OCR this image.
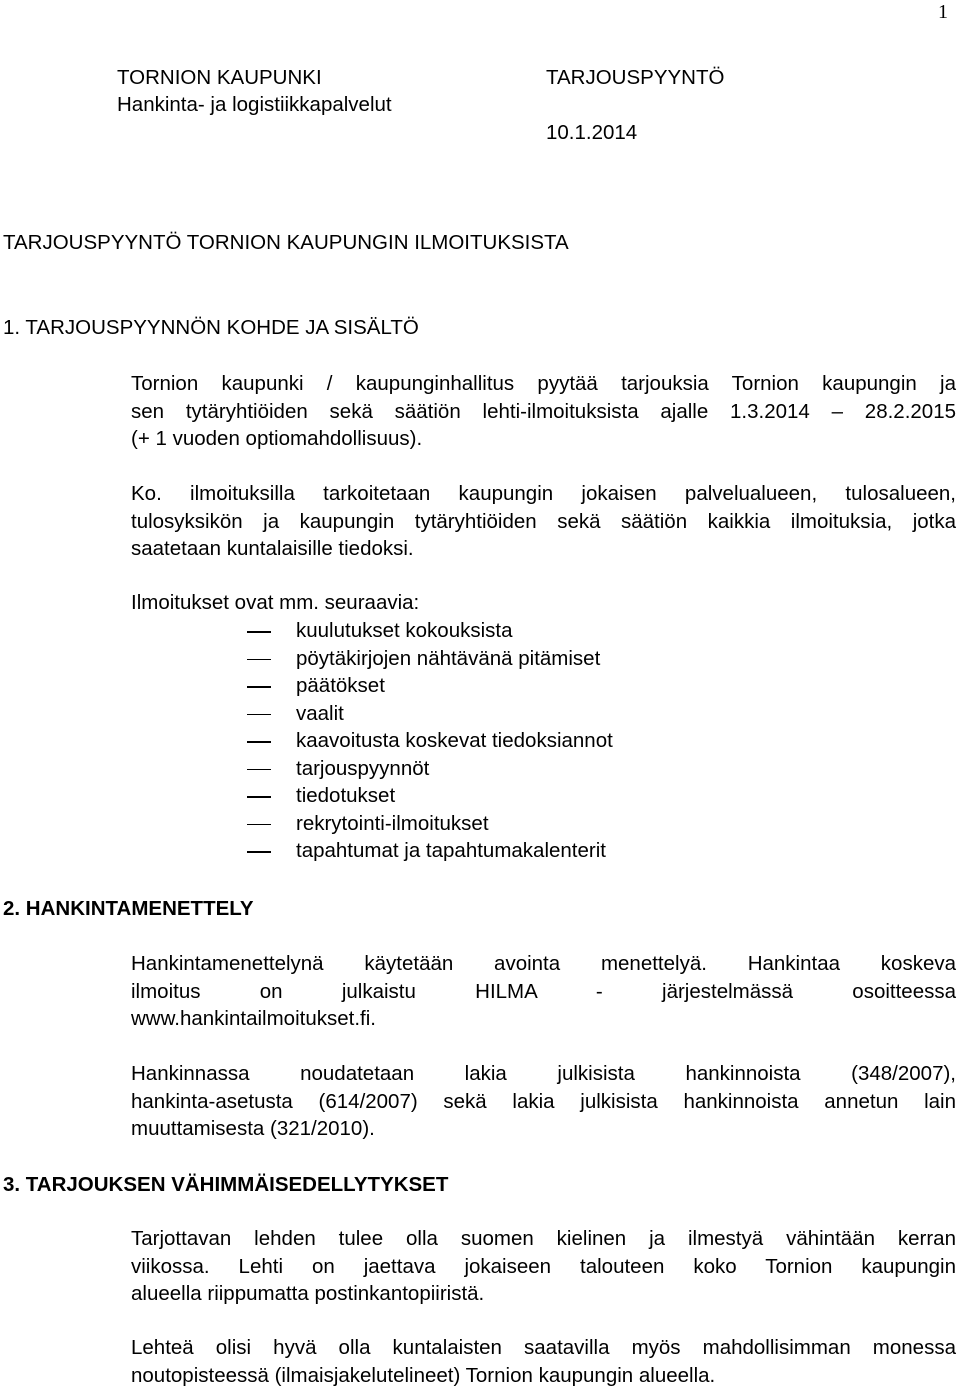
1
TORNION KAUPUNKI
Hankinta- ja logistiikkapalvelut
TARJOUSPYYNTÖ
10.1.2014
TARJOUSPYYNTÖ TORNION KAUPUNGIN ILMOITUKSISTA
1. TARJOUSPYYNNÖN KOHDE JA SISÄLTÖ
Tornion kaupunki / kaupunginhallitus pyytää tarjouksia Tornion kaupungin ja
sen tytäryhtiöiden sekä säätiön lehti-ilmoituksista ajalle 1.3.2014 – 28.2.2015
(+ 1 vuoden optiomahdollisuus).
Ko. ilmoituksilla tarkoitetaan kaupungin jokaisen palvelualueen, tulosalueen,
tulosyksikön ja kaupungin tytäryhtiöiden sekä säätiön kaikkia ilmoituksia, jotka
saatetaan kuntalaisille tiedoksi.
Ilmoitukset ovat mm. seuraavia:
kuulutukset kokouksista
pöytäkirjojen nähtävänä pitämiset
päätökset
vaalit
kaavoitusta koskevat tiedoksiannot
tarjouspyynnöt
tiedotukset
rekrytointi-ilmoitukset
tapahtumat ja tapahtumakalenterit
2. HANKINTAMENETTELY
Hankintamenettelynä käytetään avointa menettelyä. Hankintaa koskeva
ilmoitus on julkaistu HILMA - järjestelmässä osoitteessa
www.hankintailmoitukset.fi.
Hankinnassa noudatetaan lakia julkisista hankinnoista (348/2007),
hankinta-asetusta (614/2007) sekä lakia julkisista hankinnoista annetun lain
muuttamisesta (321/2010).
3. TARJOUKSEN VÄHIMMÄISEDELLYTYKSET
Tarjottavan lehden tulee olla suomen kielinen ja ilmestyä vähintään kerran
viikossa. Lehti on jaettava jokaiseen talouteen koko Tornion kaupungin
alueella riippumatta postinkantopiiristä.
Lehteä olisi hyvä olla kuntalaisten saatavilla myös mahdollisimman monessa
noutopisteessä (ilmaisjakelutelineet) Tornion kaupungin alueella.
